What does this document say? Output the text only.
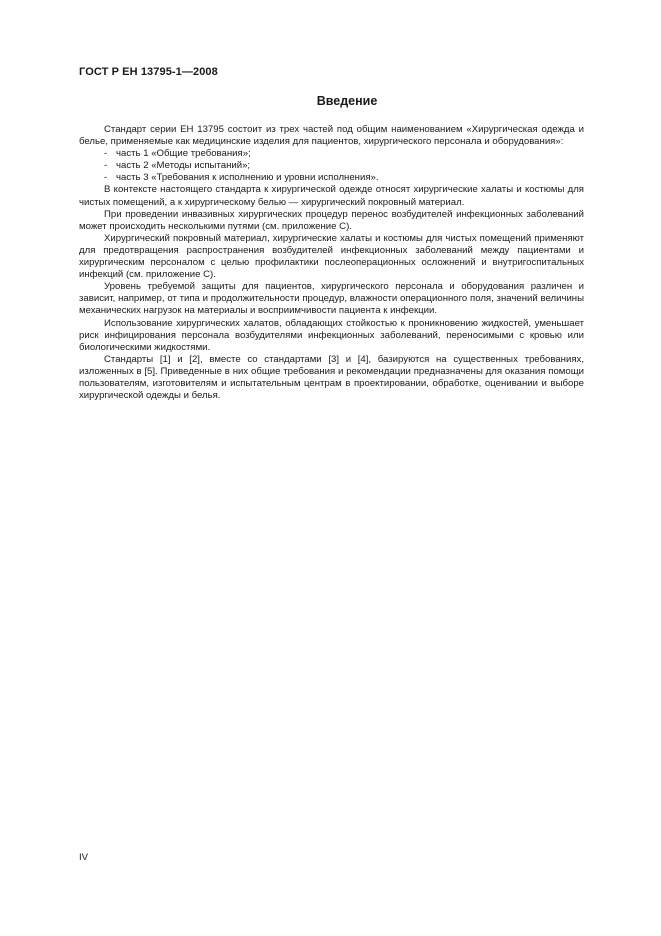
ГОСТ Р ЕН 13795-1—2008
Введение

Стандарт серии ЕН 13795 состоит из трех частей под общим наименованием «Хирургическая одежда и белье, применяемые как медицинские изделия для пациентов, хирургического персонала и оборудования»:

- часть 1 «Общие требования»;
- часть 2 «Методы испытаний»;
- часть 3 «Требования к исполнению и уровни исполнения».

В контексте настоящего стандарта к хирургической одежде относят хирургические халаты и костюмы для чистых помещений, а к хирургическому белью — хирургический покровный материал.

При проведении инвазивных хирургических процедур перенос возбудителей инфекционных заболеваний может происходить несколькими путями (см. приложение С).

Хирургический покровный материал, хирургические халаты и костюмы для чистых помещений применяют для предотвращения распространения возбудителей инфекционных заболеваний между пациентами и хирургическим персоналом с целью профилактики послеоперационных осложнений и внутригоспитальных инфекций (см. приложение С).

Уровень требуемой защиты для пациентов, хирургического персонала и оборудования различен и зависит, например, от типа и продолжительности процедур, влажности операционного поля, значений величины механических нагрузок на материалы и восприимчивости пациента к инфекции.

Использование хирургических халатов, обладающих стойкостью к проникновению жидкостей, уменьшает риск инфицирования персонала возбудителями инфекционных заболеваний, переносимыми с кровью или биологическими жидкостями.

Стандарты [1] и [2], вместе со стандартами [3] и [4], базируются на существенных требованиях, изложенных в [5]. Приведенные в них общие требования и рекомендации предназначены для оказания помощи пользователям, изготовителям и испытательным центрам в проектировании, обработке, оценивании и выборе хирургической одежды и белья.

IV
